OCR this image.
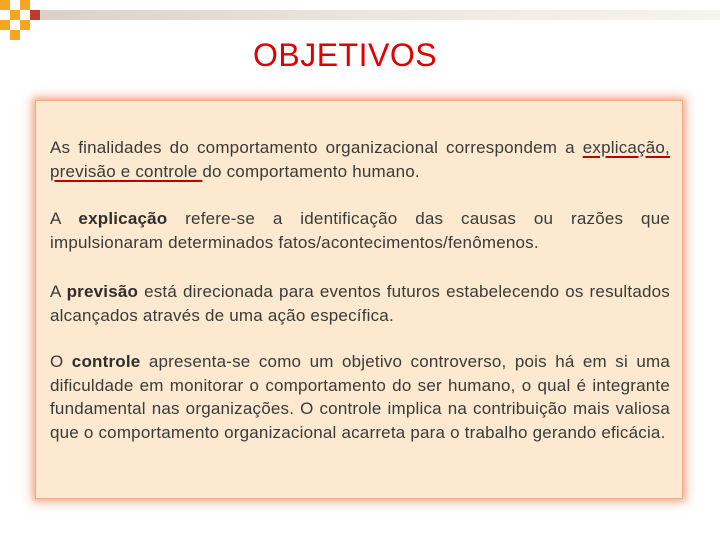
OBJETIVOS

As finalidades do comportamento organizacional correspondem a explicação, previsão e controle do comportamento humano.

A explicação refere-se a identificação das causas ou razões que impulsionaram determinados fatos/acontecimentos/fenômenos.

A previsão está direcionada para eventos futuros estabelecendo os resultados alcançados através de uma ação específica.

O controle apresenta-se como um objetivo controverso, pois há em si uma dificuldade em monitorar o comportamento do ser humano, o qual é integrante fundamental nas organizações. O controle implica na contribuição mais valiosa que o comportamento organizacional acarreta para o trabalho gerando eficácia.
